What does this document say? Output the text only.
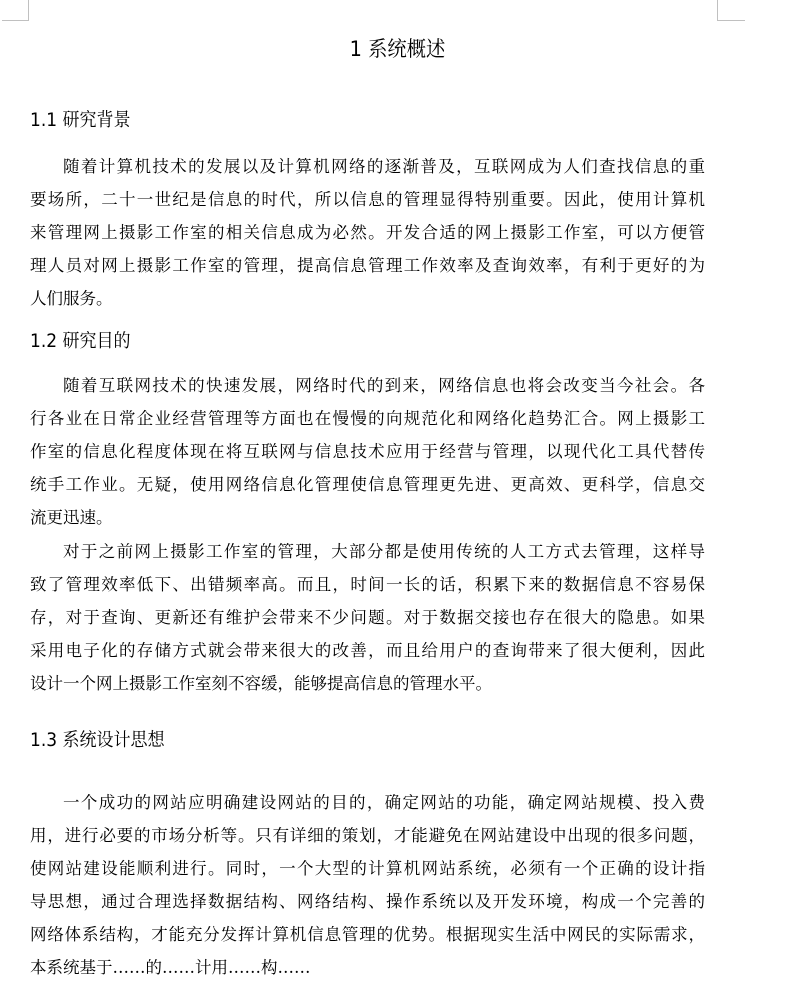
1 系统概述
1.1 研究背景
随着计算机技术的发展以及计算机网络的逐渐普及，互联网成为人们查找信息的重
要场所，二十一世纪是信息的时代，所以信息的管理显得特别重要。因此，使用计算机
来管理网上摄影工作室的相关信息成为必然。开发合适的网上摄影工作室，可以方便管
理人员对网上摄影工作室的管理，提高信息管理工作效率及查询效率，有利于更好的为
人们服务。
1.2 研究目的
随着互联网技术的快速发展，网络时代的到来，网络信息也将会改变当今社会。各
行各业在日常企业经营管理等方面也在慢慢的向规范化和网络化趋势汇合。网上摄影工
作室的信息化程度体现在将互联网与信息技术应用于经营与管理，以现代化工具代替传
统手工作业。无疑，使用网络信息化管理使信息管理更先进、更高效、更科学，信息交
流更迅速。
对于之前网上摄影工作室的管理，大部分都是使用传统的人工方式去管理，这样导
致了管理效率低下、出错频率高。而且，时间一长的话，积累下来的数据信息不容易保
存，对于查询、更新还有维护会带来不少问题。对于数据交接也存在很大的隐患。如果
采用电子化的存储方式就会带来很大的改善，而且给用户的查询带来了很大便利，因此
设计一个网上摄影工作室刻不容缓，能够提高信息的管理水平。
1.3 系统设计思想
一个成功的网站应明确建设网站的目的，确定网站的功能，确定网站规模、投入费
用，进行必要的市场分析等。只有详细的策划，才能避免在网站建设中出现的很多问题，
使网站建设能顺利进行。同时，一个大型的计算机网站系统，必须有一个正确的设计指
导思想，通过合理选择数据结构、网络结构、操作系统以及开发环境，构成一个完善的
网络体系结构，才能充分发挥计算机信息管理的优势。根据现实生活中网民的实际需求，
本系统基于……的……计用……构……
